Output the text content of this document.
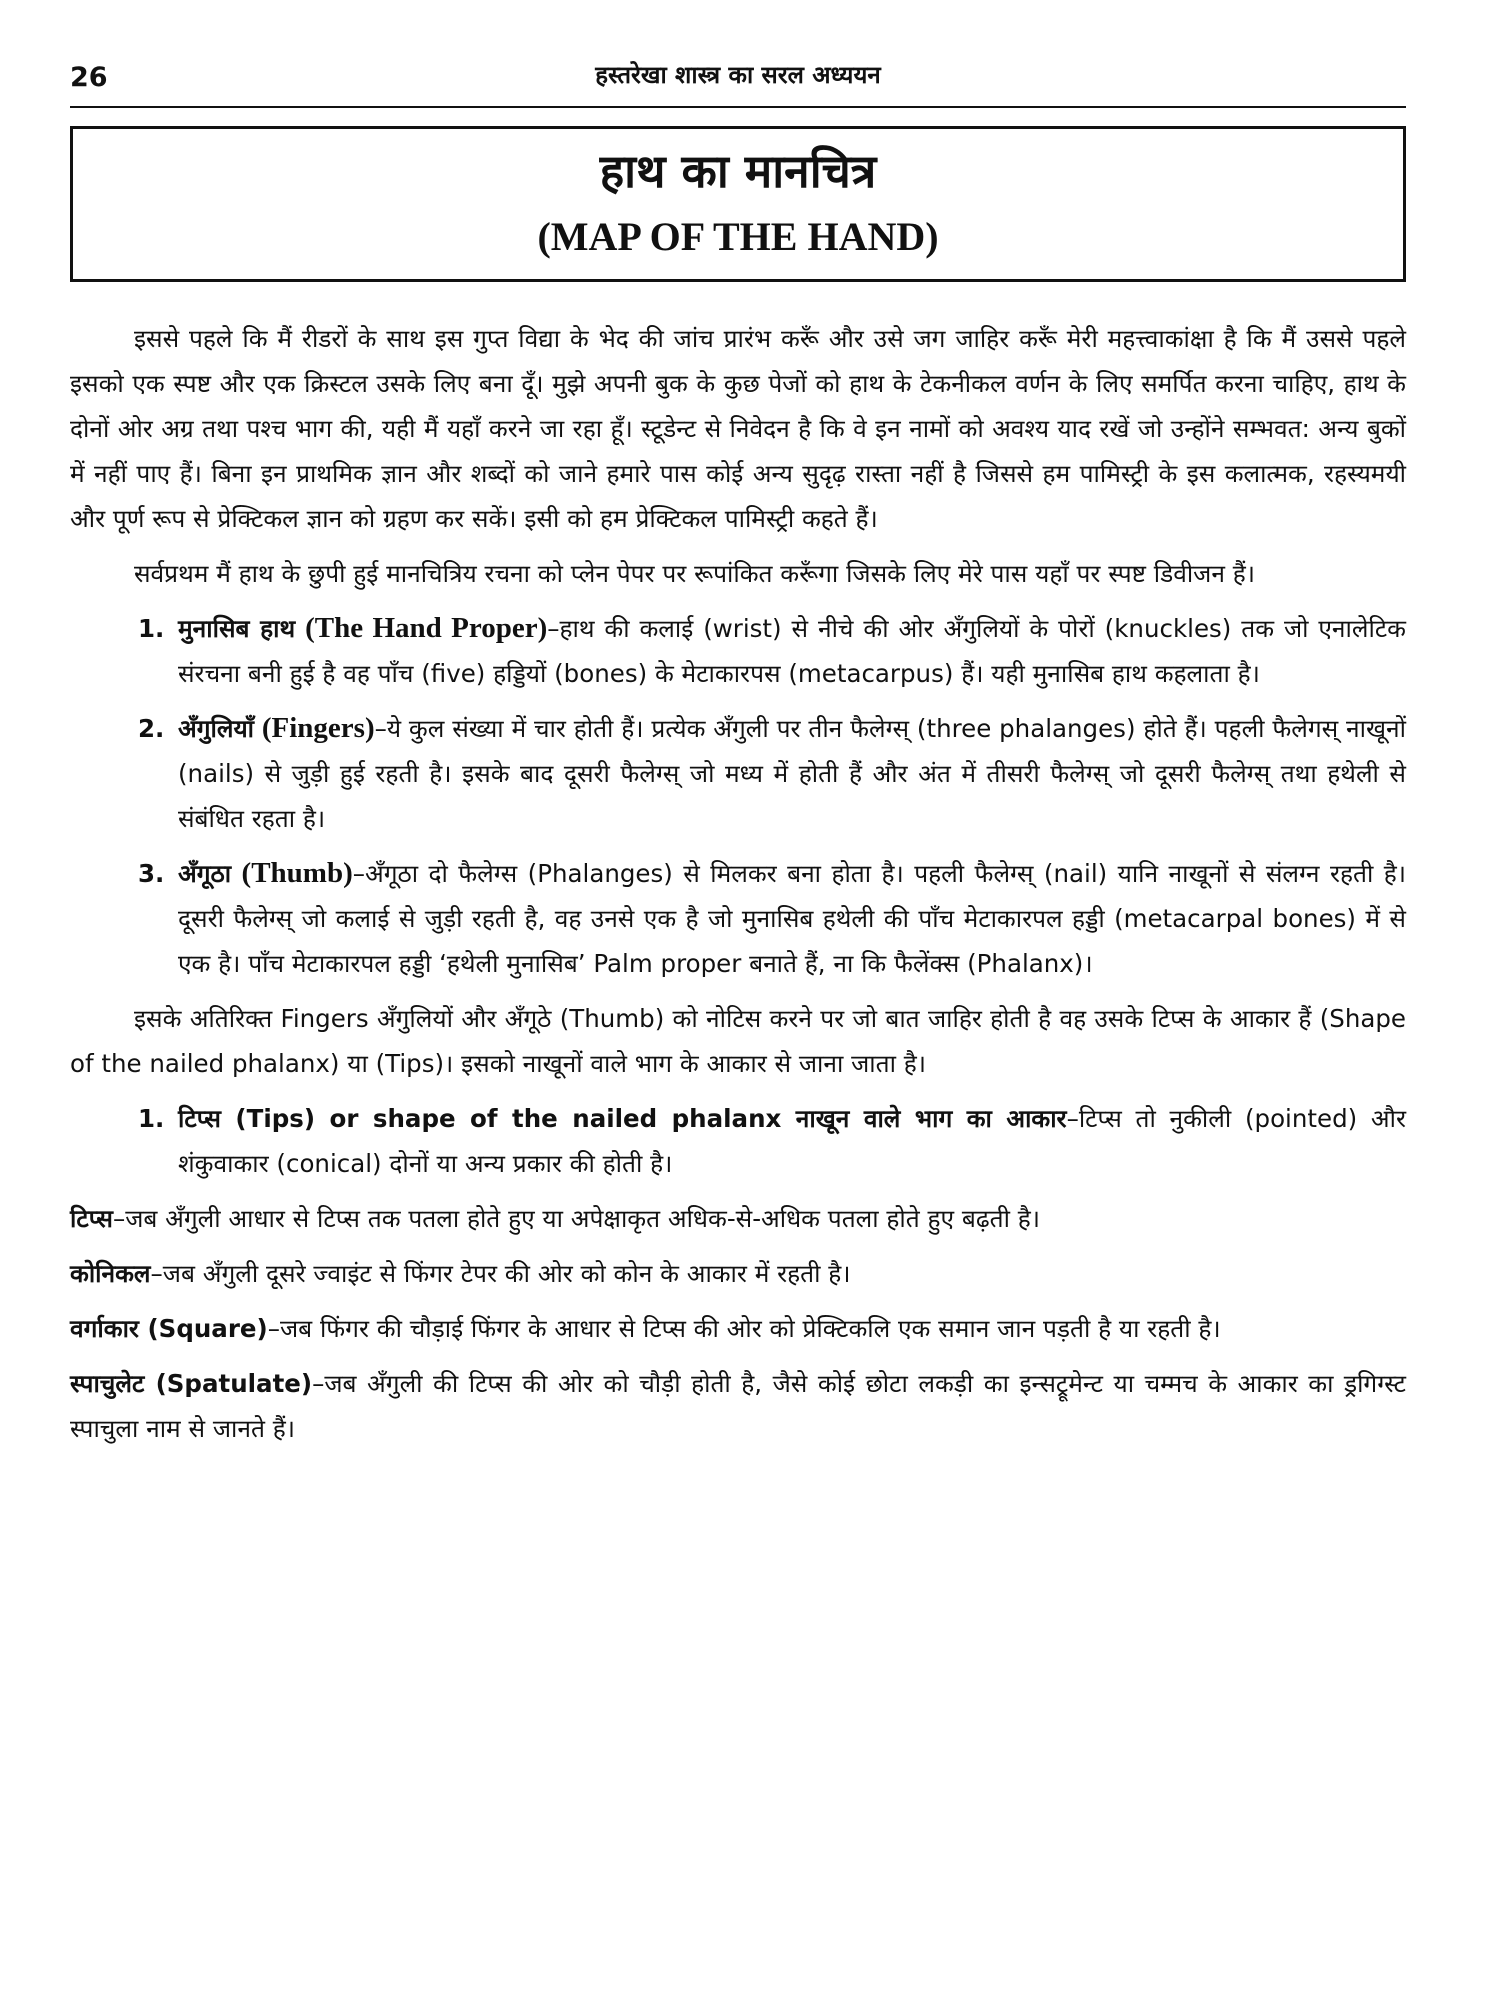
26	हस्तरेखा शास्त्र का सरल अध्ययन
हाथ का मानचित्र
(MAP OF THE HAND)

इससे पहले कि मैं रीडरों के साथ इस गुप्त विद्या के भेद की जांच प्रारंभ करूँ और उसे जग जाहिर करूँ मेरी महत्त्वाकांक्षा है कि मैं उससे पहले इसको एक स्पष्ट और एक क्रिस्टल उसके लिए बना दूँ। मुझे अपनी बुक के कुछ पेजों को हाथ के टेकनीकल वर्णन के लिए समर्पित करना चाहिए, हाथ के दोनों ओर अग्र तथा पश्च भाग की, यही मैं यहाँ करने जा रहा हूँ। स्टूडेन्ट से निवेदन है कि वे इन नामों को अवश्य याद रखें जो उन्होंने सम्भवत: अन्य बुकों में नहीं पाए हैं। बिना इन प्राथमिक ज्ञान और शब्दों को जाने हमारे पास कोई अन्य सुदृढ़ रास्ता नहीं है जिससे हम पामिस्ट्री के इस कलात्मक, रहस्यमयी और पूर्ण रूप से प्रेक्टिकल ज्ञान को ग्रहण कर सकें। इसी को हम प्रेक्टिकल पामिस्ट्री कहते हैं।

सर्वप्रथम मैं हाथ के छुपी हुई मानचित्रिय रचना को प्लेन पेपर पर रूपांकित करूँगा जिसके लिए मेरे पास यहाँ पर स्पष्ट डिवीजन हैं।

1. मुनासिब हाथ (The Hand Proper)–हाथ की कलाई (wrist) से नीचे की ओर अँगुलियों के पोरों (knuckles) तक जो एनालेटिक संरचना बनी हुई है वह पाँच (five) हड्डियों (bones) के मेटाकारपस (metacarpus) हैं। यही मुनासिब हाथ कहलाता है।
2. अँगुलियाँ (Fingers)–ये कुल संख्या में चार होती हैं। प्रत्येक अँगुली पर तीन फैलेग्स् (three phalanges) होते हैं। पहली फैलेगस् नाखूनों (nails) से जुड़ी हुई रहती है। इसके बाद दूसरी फैलेग्स् जो मध्य में होती हैं और अंत में तीसरी फैलेग्स् जो दूसरी फैलेग्स् तथा हथेली से संबंधित रहता है।
3. अँगूठा (Thumb)–अँगूठा दो फैलेग्स (Phalanges) से मिलकर बना होता है। पहली फैलेग्स् (nail) यानि नाखूनों से संलग्न रहती है। दूसरी फैलेग्स् जो कलाई से जुड़ी रहती है, वह उनसे एक है जो मुनासिब हथेली की पाँच मेटाकारपल हड्डी (metacarpal bones) में से एक है। पाँच मेटाकारपल हड्डी ‘हथेली मुनासिब’ Palm proper बनाते हैं, ना कि फैलेंक्स (Phalanx)।

इसके अतिरिक्त Fingers अँगुलियों और अँगूठे (Thumb) को नोटिस करने पर जो बात जाहिर होती है वह उसके टिप्स के आकार हैं (Shape of the nailed phalanx) या (Tips)। इसको नाखूनों वाले भाग के आकार से जाना जाता है।

1. टिप्स (Tips) or shape of the nailed phalanx नाखून वाले भाग का आकार–टिप्स तो नुकीली (pointed) और शंकुवाकार (conical) दोनों या अन्य प्रकार की होती है।

टिप्स–जब अँगुली आधार से टिप्स तक पतला होते हुए या अपेक्षाकृत अधिक-से-अधिक पतला होते हुए बढ़ती है।

कोनिकल–जब अँगुली दूसरे ज्वाइंट से फिंगर टेपर की ओर को कोन के आकार में रहती है।

वर्गाकार (Square)–जब फिंगर की चौड़ाई फिंगर के आधार से टिप्स की ओर को प्रेक्टिकलि एक समान जान पड़ती है या रहती है।

स्पाचुलेट (Spatulate)–जब अँगुली की टिप्स की ओर को चौड़ी होती है, जैसे कोई छोटा लकड़ी का इन्सट्रूमेन्ट या चम्मच के आकार का ड्रगिग्स्ट स्पाचुला नाम से जानते हैं।
